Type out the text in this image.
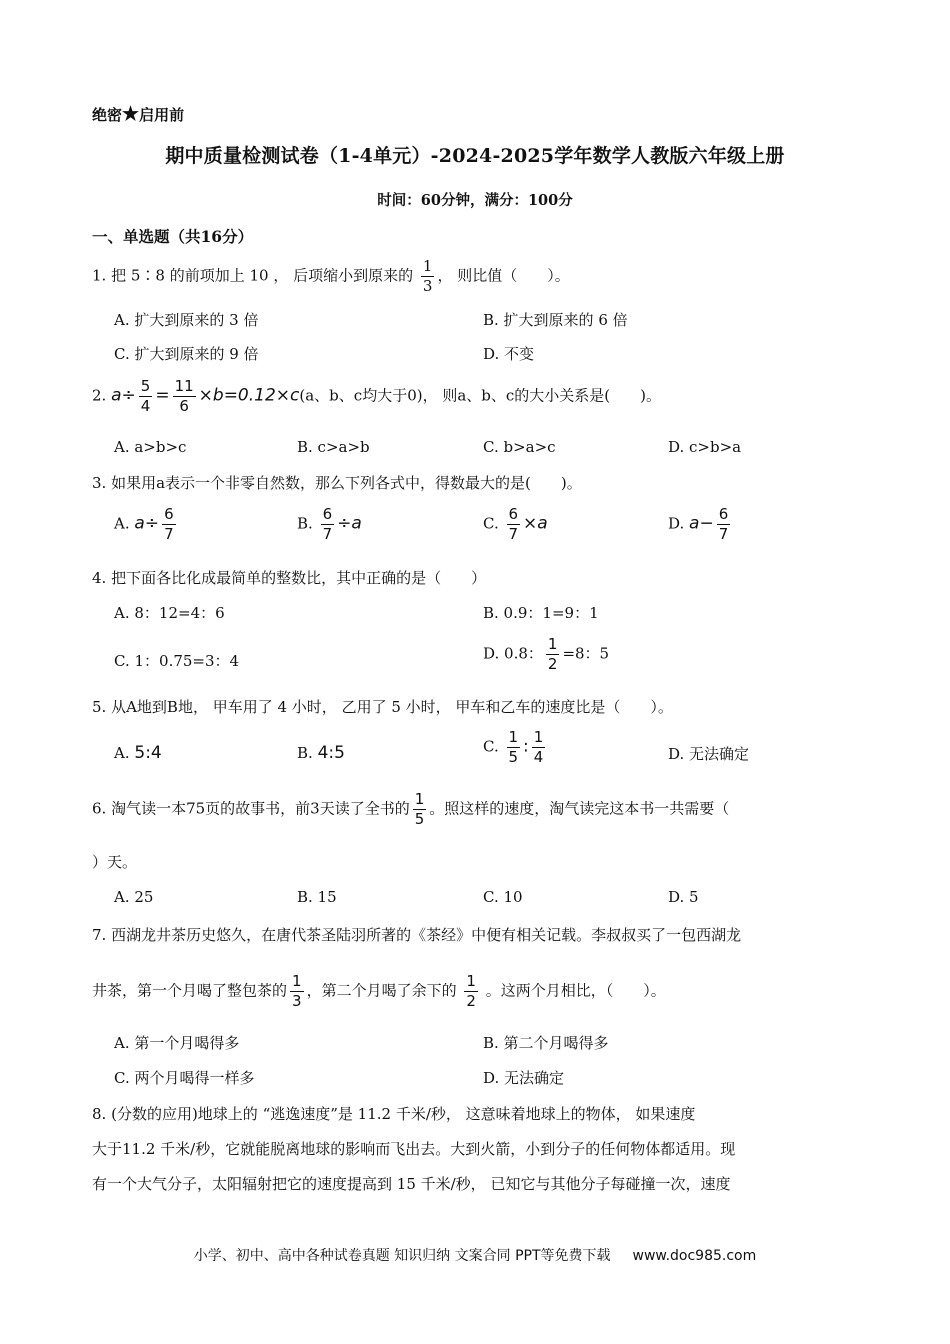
绝密★启用前
期中质量检测试卷（1-4单元）-2024-2025学年数学人教版六年级上册
时间：60分钟，满分：100分
一、单选题（共16分）
1. 把 5∶8 的前项加上 10 ， 后项缩小到原来的 $\frac{1}{3}$ ， 则比值（　　）。
A. 扩大到原来的 3 倍	B. 扩大到原来的 6 倍
C. 扩大到原来的 9 倍	D. 不变
2. $a\div \frac{5}{4} = \frac{11}{6} \times b=0.12\times c(a$、b、c均大于0)， 则a、b、c的大小关系是(　　)。
A. a>b>c	B. c>a>b	C. b>a>c	D. c>b>a
3. 如果用a表示一个非零自然数，那么下列各式中，得数最大的是(　　)。
A. $a\div \frac{6}{7}$	B. $\frac{6}{7} \div a$	C. $\frac{6}{7} \times a$	D. $a- \frac{6}{7}$
4. 把下面各比化成最简单的整数比，其中正确的是（　　）
A. 8：12=4：6	B. 0.9：1=9：1
C. 1：0.75=3：4	D. 0.8： $\frac{1}{2} =8$：5
5. 从A地到B地， 甲车用了 4 小时， 乙用了 5 小时， 甲车和乙车的速度比是（　　）。
A. 5:4	B. 4:5	C. $\frac{1}{5}$ : $\frac{1}{4}$	D. 无法确定
6. 淘气读一本75页的故事书，前3天读了全书的 $\frac{1}{5}$ 。照这样的速度，淘气读完这本书一共需要（
）天。
A. 25	B. 15	C. 10	D. 5
7. 西湖龙井茶历史悠久，在唐代茶圣陆羽所著的《茶经》中便有相关记载。李叔叔买了一包西湖龙
井茶，第一个月喝了整包茶的 $\frac{1}{3}$ ，第二个月喝了余下的 $\frac{1}{2}$ 。这两个月相比，（　　）。
A. 第一个月喝得多	B. 第二个月喝得多
C. 两个月喝得一样多	D. 无法确定
8. (分数的应用)地球上的 “逃逸速度”是 11.2 千米/秒， 这意味着地球上的物体， 如果速度
大于11.2 千米/秒，它就能脱离地球的影响而飞出去。大到火箭，小到分子的任何物体都适用。现
有一个大气分子，太阳辐射把它的速度提高到 15 千米/秒， 已知它与其他分子每碰撞一次，速度
小学、初中、高中各种试卷真题 知识归纳 文案合同 PPT等免费下载 www.doc985.com
